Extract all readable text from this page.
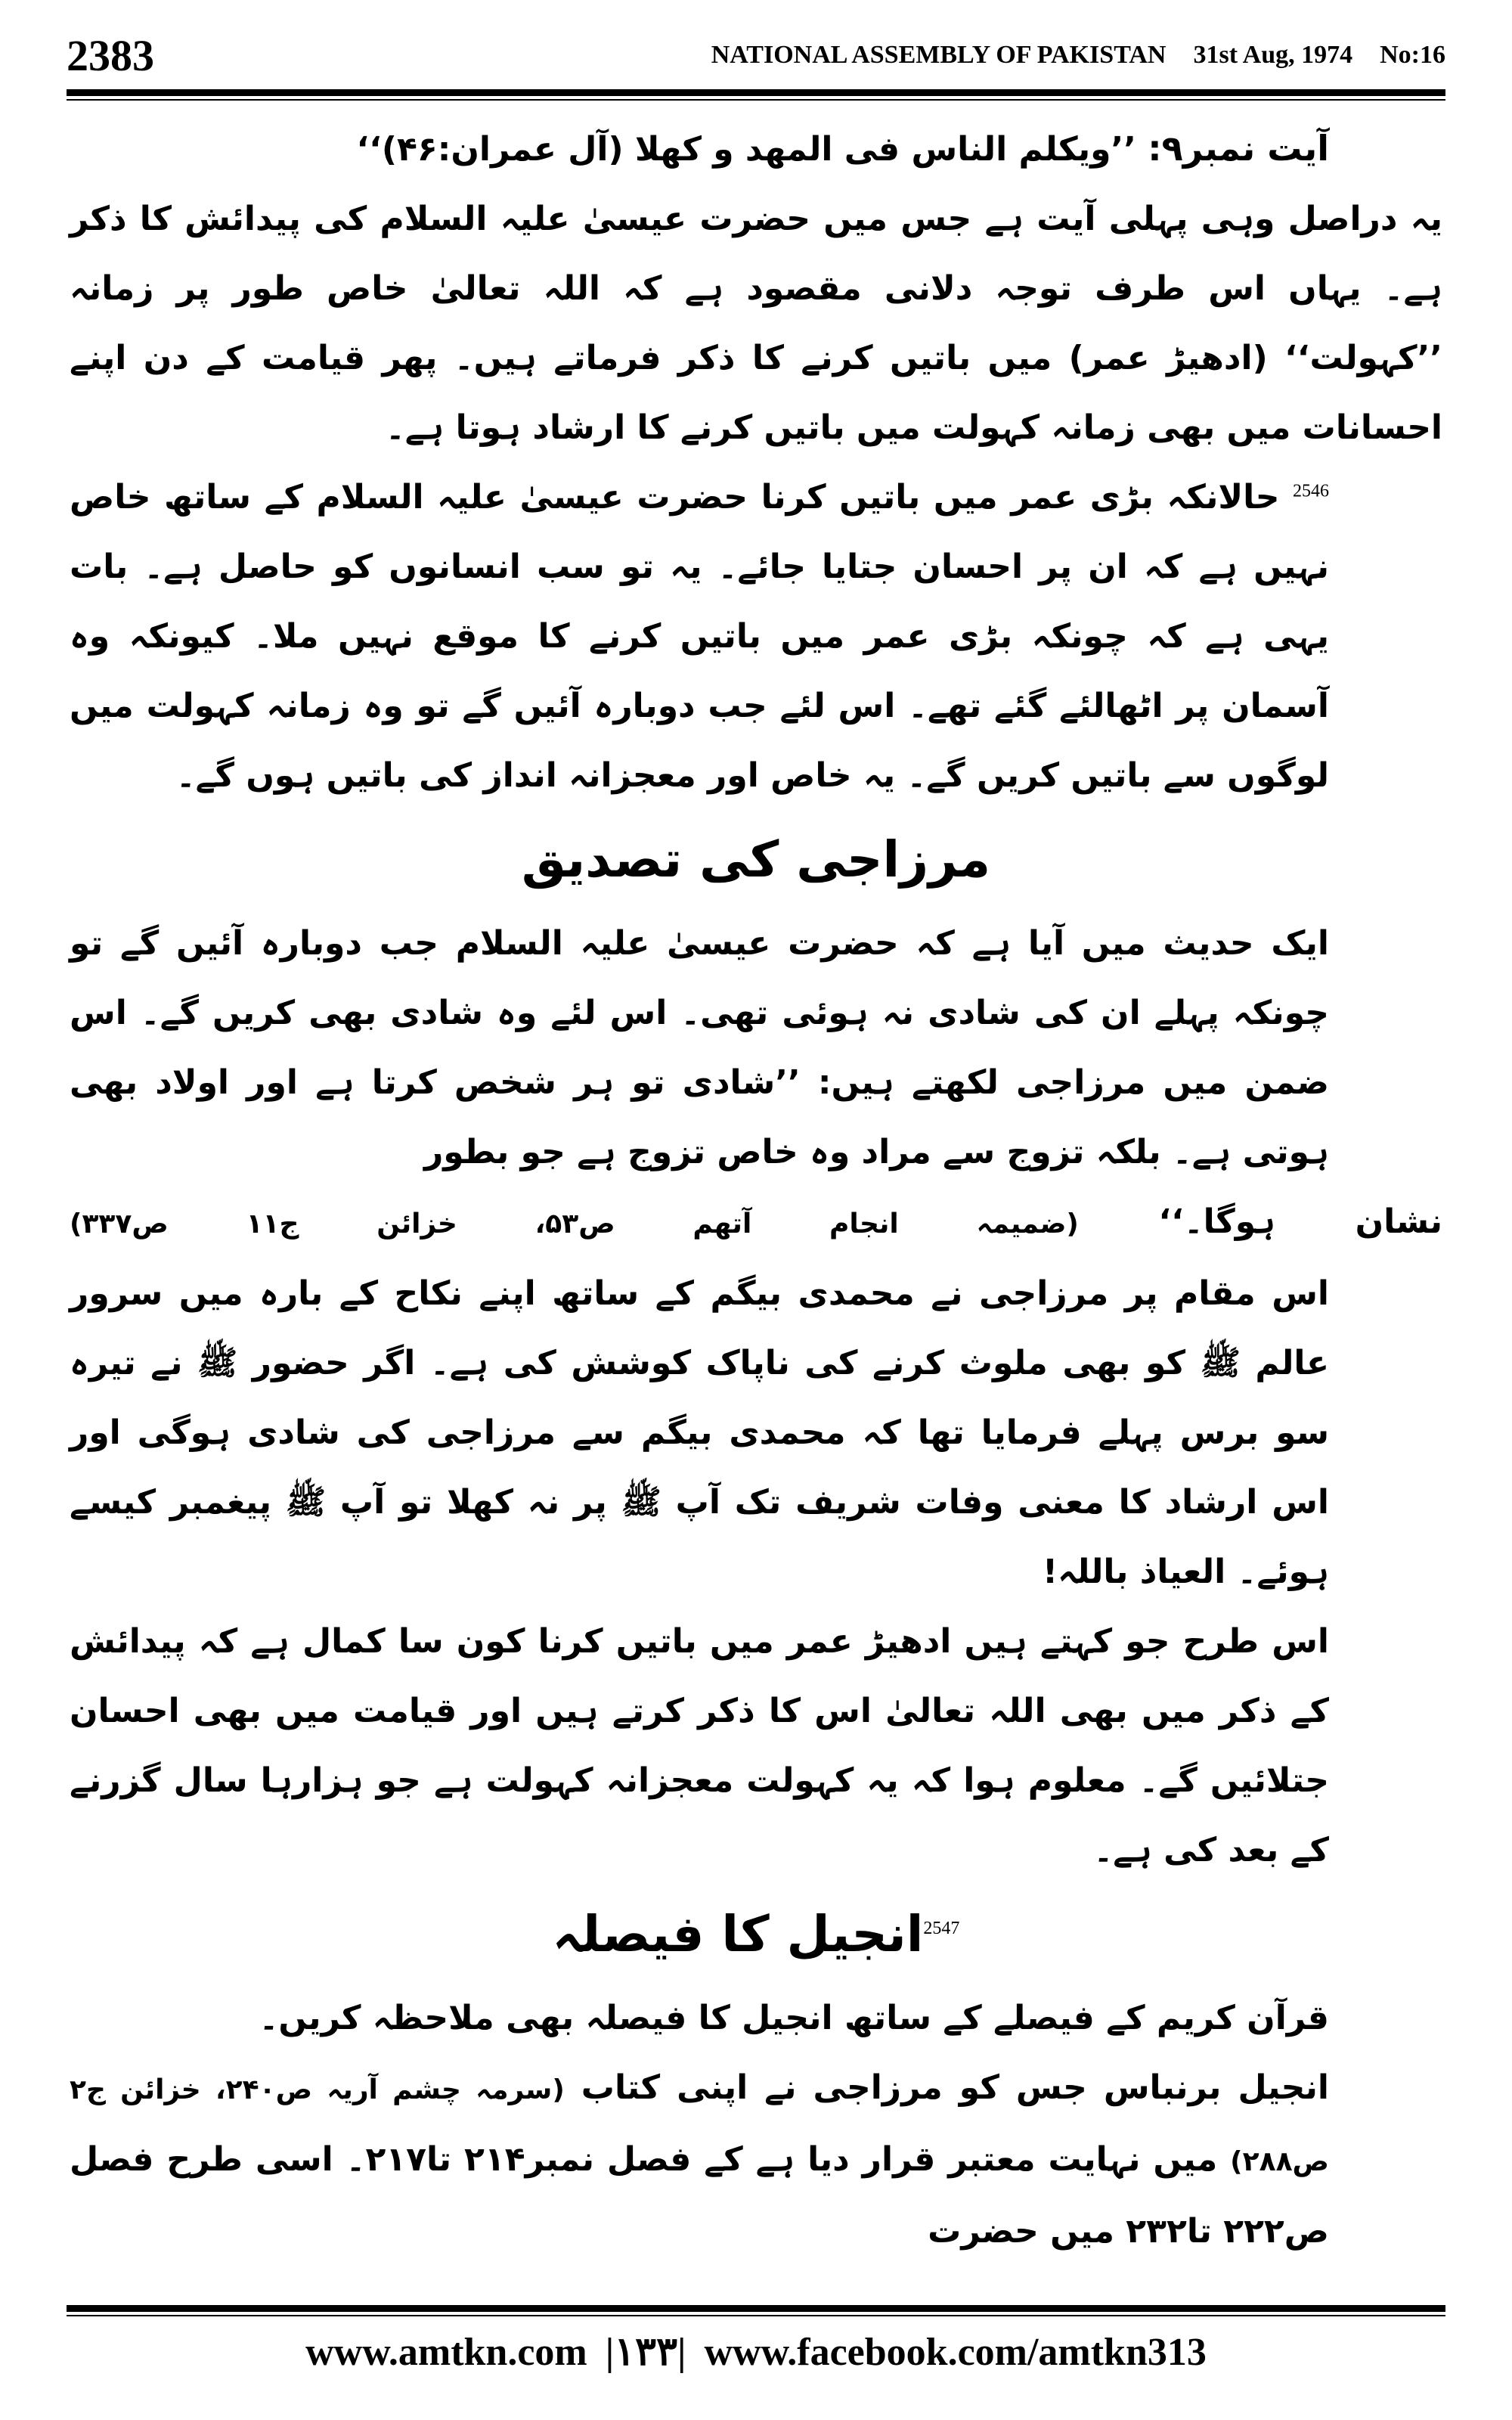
2383	NATIONAL ASSEMBLY OF PAKISTAN 31st Aug, 1974 No:16

آیت نمبر۹: ’’ویکلم الناس فی المھد و کھلا (آل عمران:۴۶)‘‘

یہ دراصل وہی پہلی آیت ہے جس میں حضرت عیسیٰ علیہ السلام کی پیدائش کا ذکر ہے۔ یہاں اس طرف توجہ دلانی مقصود ہے کہ اللہ تعالیٰ خاص طور پر زمانہ ’’کہولت‘‘ (ادھیڑ عمر) میں باتیں کرنے کا ذکر فرماتے ہیں۔ پھر قیامت کے دن اپنے احسانات میں بھی زمانہ کہولت میں باتیں کرنے کا ارشاد ہوتا ہے۔

$^{2546}$ حالانکہ بڑی عمر میں باتیں کرنا حضرت عیسیٰ علیہ السلام کے ساتھ خاص نہیں ہے کہ ان پر احسان جتایا جائے۔ یہ تو سب انسانوں کو حاصل ہے۔ بات یہی ہے کہ چونکہ بڑی عمر میں باتیں کرنے کا موقع نہیں ملا۔ کیونکہ وہ آسمان پر اٹھالئے گئے تھے۔ اس لئے جب دوبارہ آئیں گے تو وہ زمانہ کہولت میں لوگوں سے باتیں کریں گے۔ یہ خاص اور معجزانہ انداز کی باتیں ہوں گے۔

مرزاجی کی تصدیق

ایک حدیث میں آیا ہے کہ حضرت عیسیٰ علیہ السلام جب دوبارہ آئیں گے تو چونکہ پہلے ان کی شادی نہ ہوئی تھی۔ اس لئے وہ شادی بھی کریں گے۔ اس ضمن میں مرزاجی لکھتے ہیں: ’’شادی تو ہر شخص کرتا ہے اور اولاد بھی ہوتی ہے۔ بلکہ تزوج سے مراد وہ خاص تزوج ہے جو بطور

نشان ہوگا۔‘‘ (ضمیمہ انجام آتھم ص۵۳، خزائن ج۱۱ ص۳۳۷)

اس مقام پر مرزاجی نے محمدی بیگم کے ساتھ اپنے نکاح کے بارہ میں سرور عالم ﷺ کو بھی ملوث کرنے کی ناپاک کوشش کی ہے۔ اگر حضور ﷺ نے تیرہ سو برس پہلے فرمایا تھا کہ محمدی بیگم سے مرزاجی کی شادی ہوگی اور اس ارشاد کا معنی وفات شریف تک آپ ﷺ پر نہ کھلا تو آپ ﷺ پیغمبر کیسے ہوئے۔ العیاذ باللہ!

اس طرح جو کہتے ہیں ادھیڑ عمر میں باتیں کرنا کون سا کمال ہے کہ پیدائش کے ذکر میں بھی اللہ تعالیٰ اس کا ذکر کرتے ہیں اور قیامت میں بھی احسان جتلائیں گے۔ معلوم ہوا کہ یہ کہولت معجزانہ کہولت ہے جو ہزارہا سال گزرنے کے بعد کی ہے۔

$^{2547}$انجیل کا فیصلہ

قرآن کریم کے فیصلے کے ساتھ انجیل کا فیصلہ بھی ملاحظہ کریں۔

انجیل برنباس جس کو مرزاجی نے اپنی کتاب (سرمہ چشم آریہ ص۲۴۰، خزائن ج۲ ص۲۸۸) میں نہایت معتبر قرار دیا ہے کے فصل نمبر۲۱۴ تا۲۱۷۔ اسی طرح فصل ص۲۲۲ تا۲۳۲ میں حضرت

www.amtkn.com |۱۳۳| www.facebook.com/amtkn313
